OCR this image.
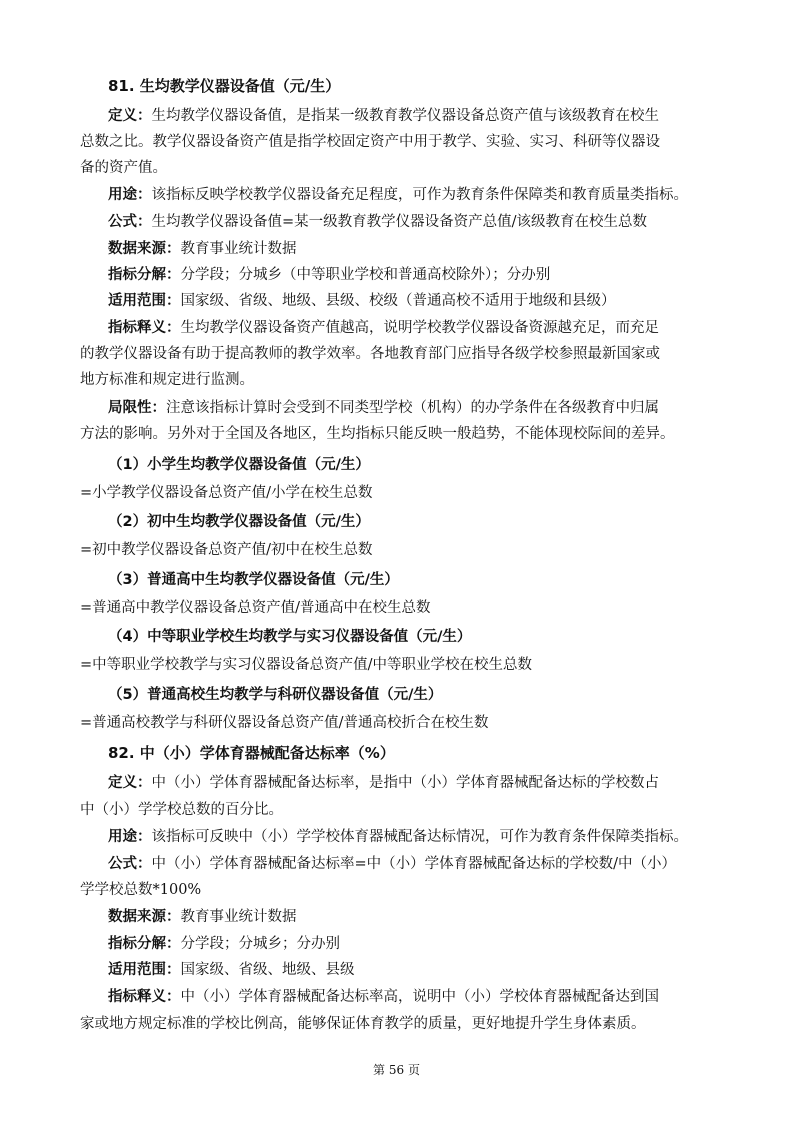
81. 生均教学仪器设备值（元/生）
定义：生均教学仪器设备值，是指某一级教育教学仪器设备总资产值与该级教育在校生
总数之比。教学仪器设备资产值是指学校固定资产中用于教学、实验、实习、科研等仪器设
备的资产值。
用途：该指标反映学校教学仪器设备充足程度，可作为教育条件保障类和教育质量类指标。
公式：生均教学仪器设备值=某一级教育教学仪器设备资产总值/该级教育在校生总数
数据来源：教育事业统计数据
指标分解：分学段；分城乡（中等职业学校和普通高校除外）；分办别
适用范围：国家级、省级、地级、县级、校级（普通高校不适用于地级和县级）
指标释义：生均教学仪器设备资产值越高，说明学校教学仪器设备资源越充足，而充足
的教学仪器设备有助于提高教师的教学效率。各地教育部门应指导各级学校参照最新国家或
地方标准和规定进行监测。
局限性：注意该指标计算时会受到不同类型学校（机构）的办学条件在各级教育中归属
方法的影响。另外对于全国及各地区，生均指标只能反映一般趋势，不能体现校际间的差异。
（1）小学生均教学仪器设备值（元/生）
=小学教学仪器设备总资产值/小学在校生总数
（2）初中生均教学仪器设备值（元/生）
=初中教学仪器设备总资产值/初中在校生总数
（3）普通高中生均教学仪器设备值（元/生）
=普通高中教学仪器设备总资产值/普通高中在校生总数
（4）中等职业学校生均教学与实习仪器设备值（元/生）
=中等职业学校教学与实习仪器设备总资产值/中等职业学校在校生总数
（5）普通高校生均教学与科研仪器设备值（元/生）
=普通高校教学与科研仪器设备总资产值/普通高校折合在校生数
82. 中（小）学体育器械配备达标率（%）
定义：中（小）学体育器械配备达标率，是指中（小）学体育器械配备达标的学校数占
中（小）学学校总数的百分比。
用途：该指标可反映中（小）学学校体育器械配备达标情况，可作为教育条件保障类指标。
公式：中（小）学体育器械配备达标率=中（小）学体育器械配备达标的学校数/中（小）
学学校总数*100%
数据来源：教育事业统计数据
指标分解：分学段；分城乡；分办别
适用范围：国家级、省级、地级、县级
指标释义：中（小）学体育器械配备达标率高，说明中（小）学校体育器械配备达到国
家或地方规定标准的学校比例高，能够保证体育教学的质量，更好地提升学生身体素质。
第 56 页
